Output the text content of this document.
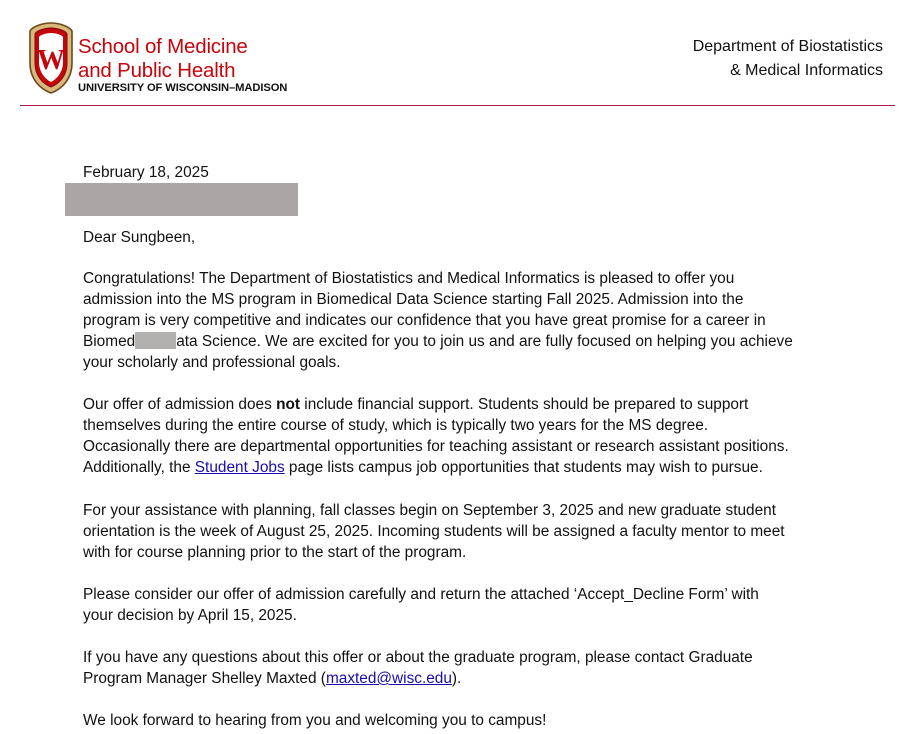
W School of Medicine
and Public Health
UNIVERSITY OF WISCONSIN–MADISON
Department of Biostatistics
& Medical Informatics
February 18, 2025
Dear Sungbeen,
Congratulations! The Department of Biostatistics and Medical Informatics is pleased to offer you
admission into the MS program in Biomedical Data Science starting Fall 2025. Admission into the
program is very competitive and indicates our confidence that you have great promise for a career in
Biomed	ata Science. We are excited for you to join us and are fully focused on helping you achieve
your scholarly and professional goals.
Our offer of admission does not include financial support. Students should be prepared to support
themselves during the entire course of study, which is typically two years for the MS degree.
Occasionally there are departmental opportunities for teaching assistant or research assistant positions.
Additionally, the Student Jobs page lists campus job opportunities that students may wish to pursue.
For your assistance with planning, fall classes begin on September 3, 2025 and new graduate student
orientation is the week of August 25, 2025. Incoming students will be assigned a faculty mentor to meet
with for course planning prior to the start of the program.
Please consider our offer of admission carefully and return the attached ‘Accept_Decline Form’ with
your decision by April 15, 2025.
If you have any questions about this offer or about the graduate program, please contact Graduate
Program Manager Shelley Maxted (maxted@wisc.edu).
We look forward to hearing from you and welcoming you to campus!
